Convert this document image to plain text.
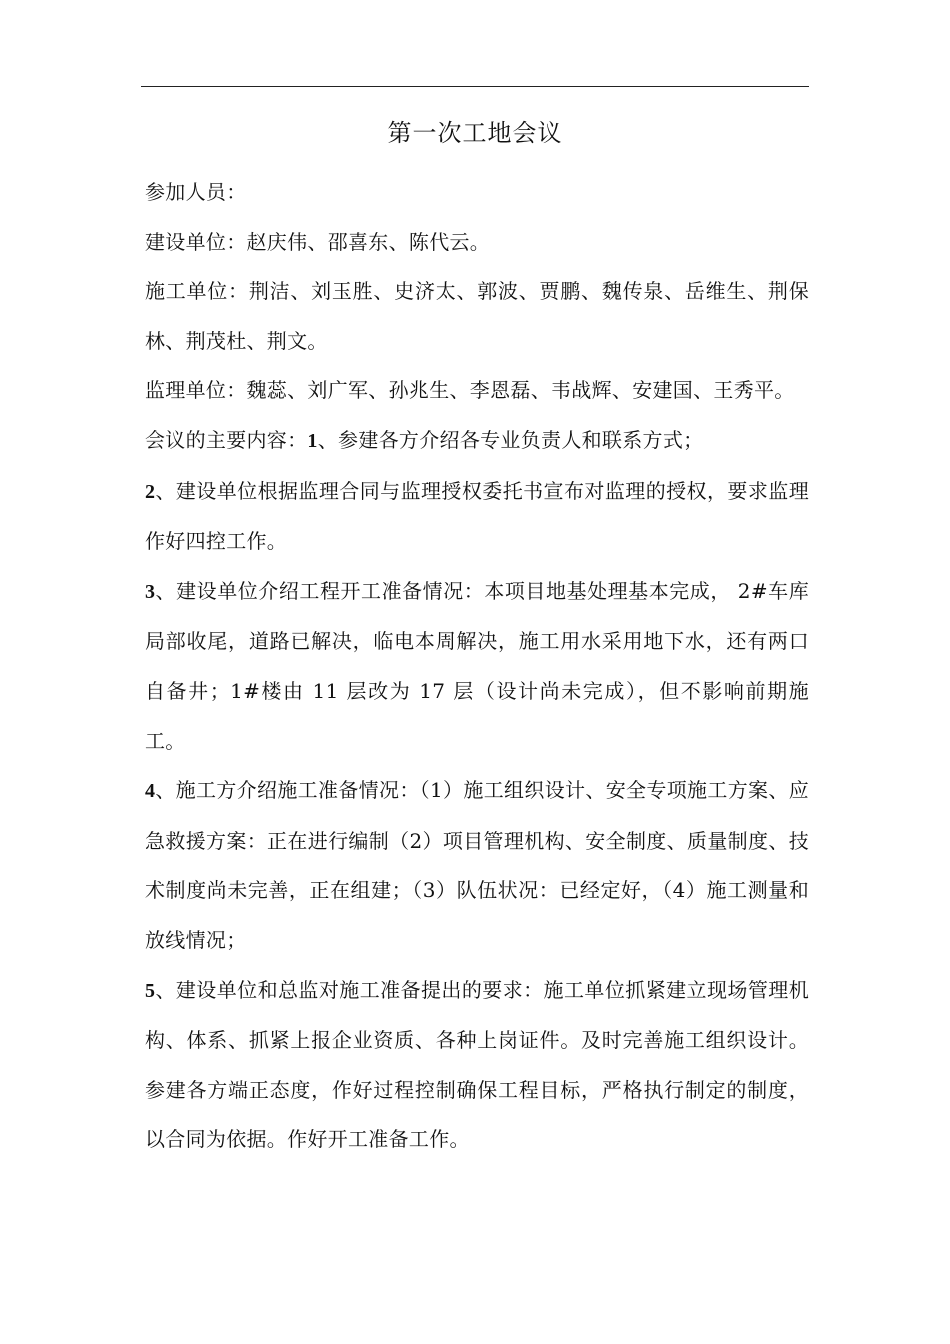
第一次工地会议

参加人员：

建设单位：赵庆伟、邵喜东、陈代云。

施工单位：荆洁、刘玉胜、史济太、郭波、贾鹏、魏传泉、岳维生、荆保林、荆茂杜、荆文。

监理单位：魏蕊、刘广军、孙兆生、李恩磊、韦战辉、安建国、王秀平。

会议的主要内容：1、参建各方介绍各专业负责人和联系方式；

2、建设单位根据监理合同与监理授权委托书宣布对监理的授权，要求监理作好四控工作。

3、建设单位介绍工程开工准备情况：本项目地基处理基本完成， 2#车库局部收尾，道路已解决，临电本周解决，施工用水采用地下水，还有两口自备井；1#楼由 11 层改为 17 层（设计尚未完成），但不影响前期施工。

4、施工方介绍施工准备情况：（1）施工组织设计、安全专项施工方案、应急救援方案：正在进行编制（2）项目管理机构、安全制度、质量制度、技术制度尚未完善，正在组建；（3）队伍状况：已经定好，（4）施工测量和放线情况；

5、建设单位和总监对施工准备提出的要求：施工单位抓紧建立现场管理机构、体系、抓紧上报企业资质、各种上岗证件。及时完善施工组织设计。参建各方端正态度，作好过程控制确保工程目标，严格执行制定的制度，以合同为依据。作好开工准备工作。
